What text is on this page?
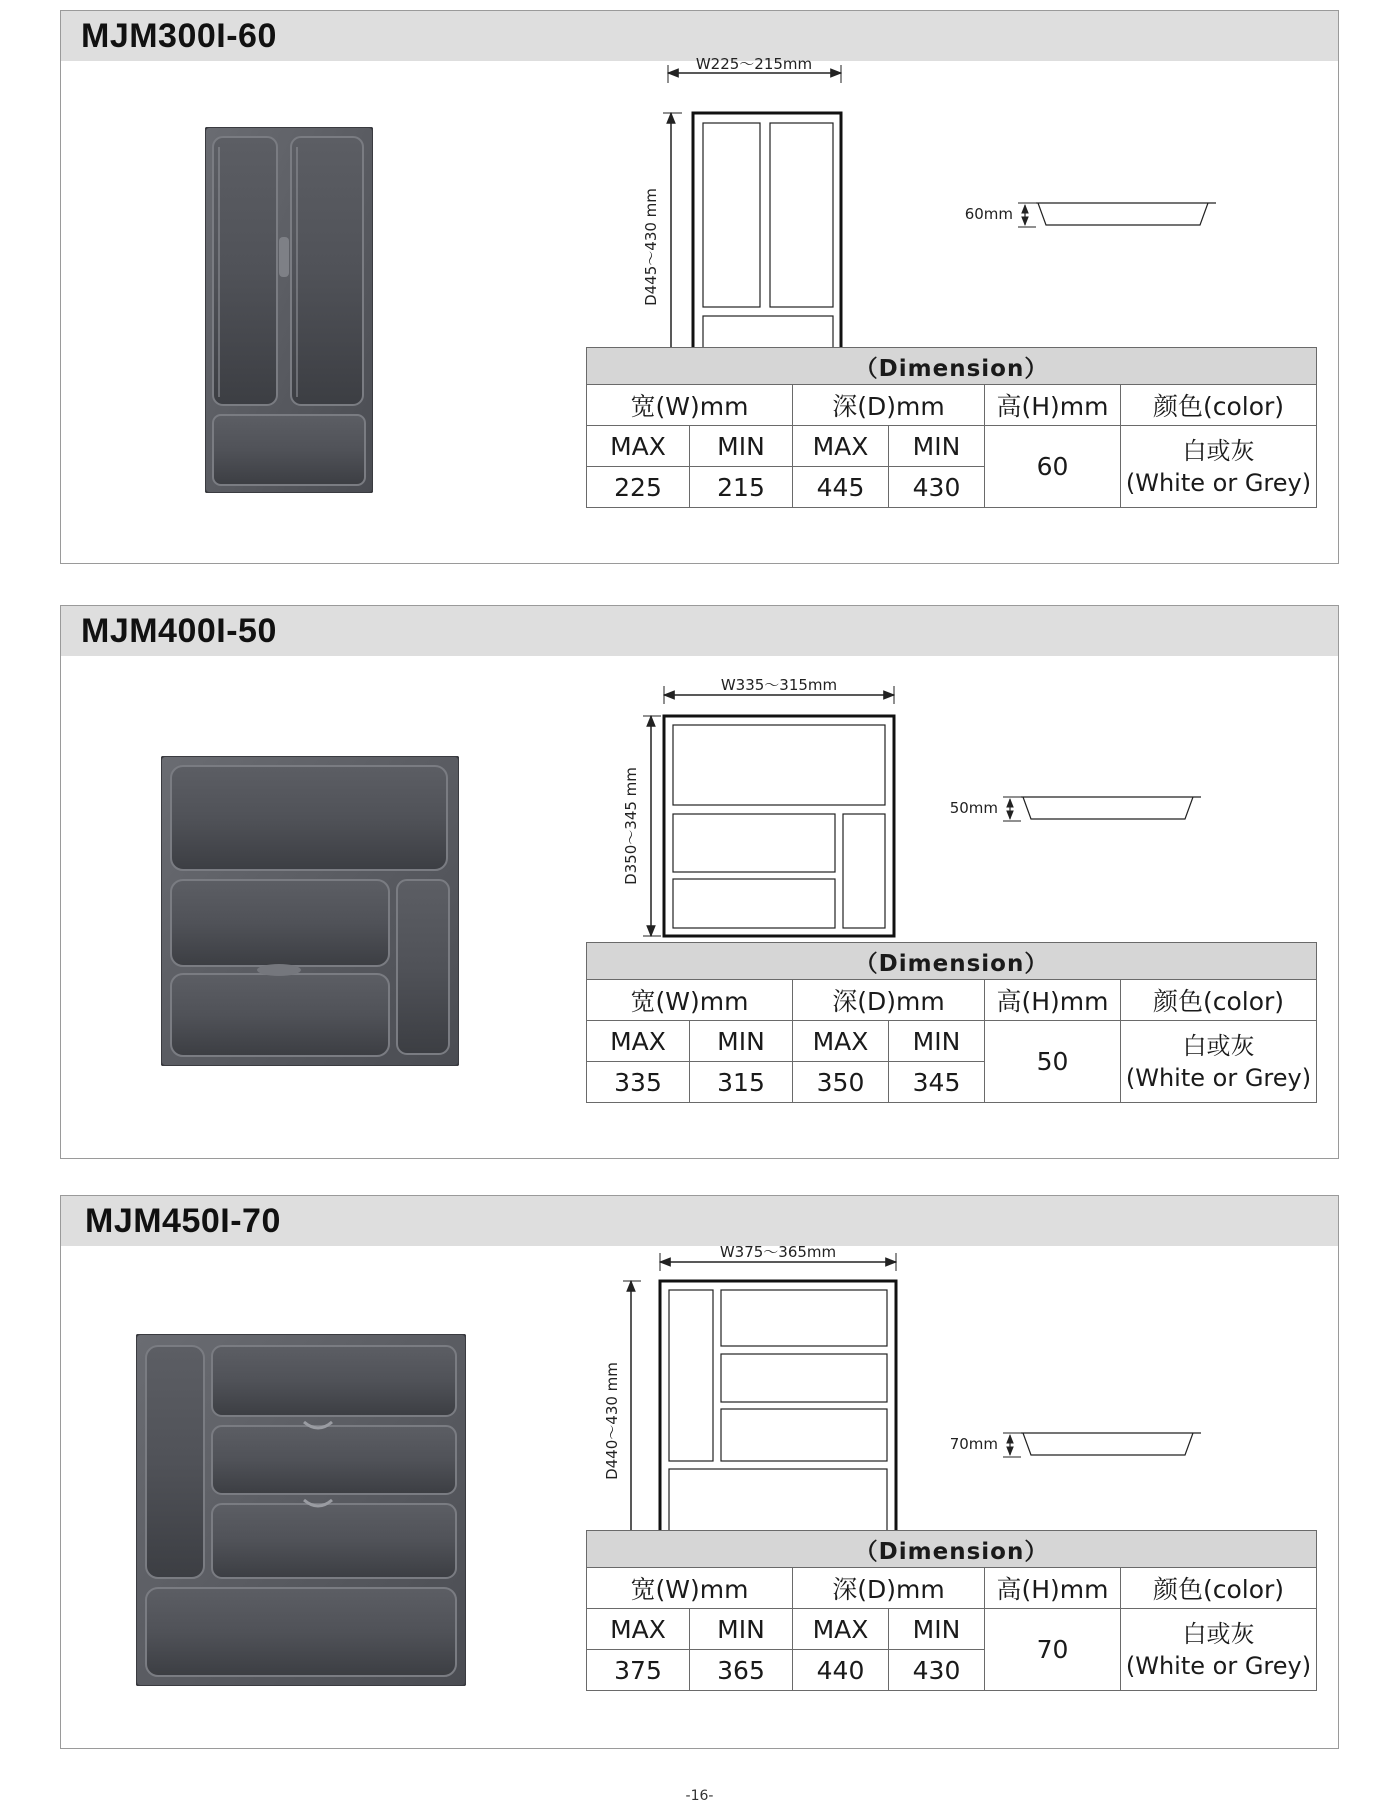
MJM300I-60
W225～215mm
D445～430 mm	60mm
（Dimension）					
宽(W)mm		深(D)mm		高(H)mm	颜色(color)
MAX	MIN	MAX	MIN	60	白或灰
(White or Grey)
225	215	445	430		
MJM400I-50
W335～315mm
D350～345 mm	50mm
（Dimension）					
宽(W)mm		深(D)mm		高(H)mm	颜色(color)
MAX	MIN	MAX	MIN	50	白或灰
(White or Grey)
335	315	350	345		
MJM450I-70
W375～365mm
D440～430 mm	70mm
（Dimension）					
宽(W)mm		深(D)mm		高(H)mm	颜色(color)
MAX	MIN	MAX	MIN	70	白或灰
(White or Grey)
375	365	440	430		
-16-
